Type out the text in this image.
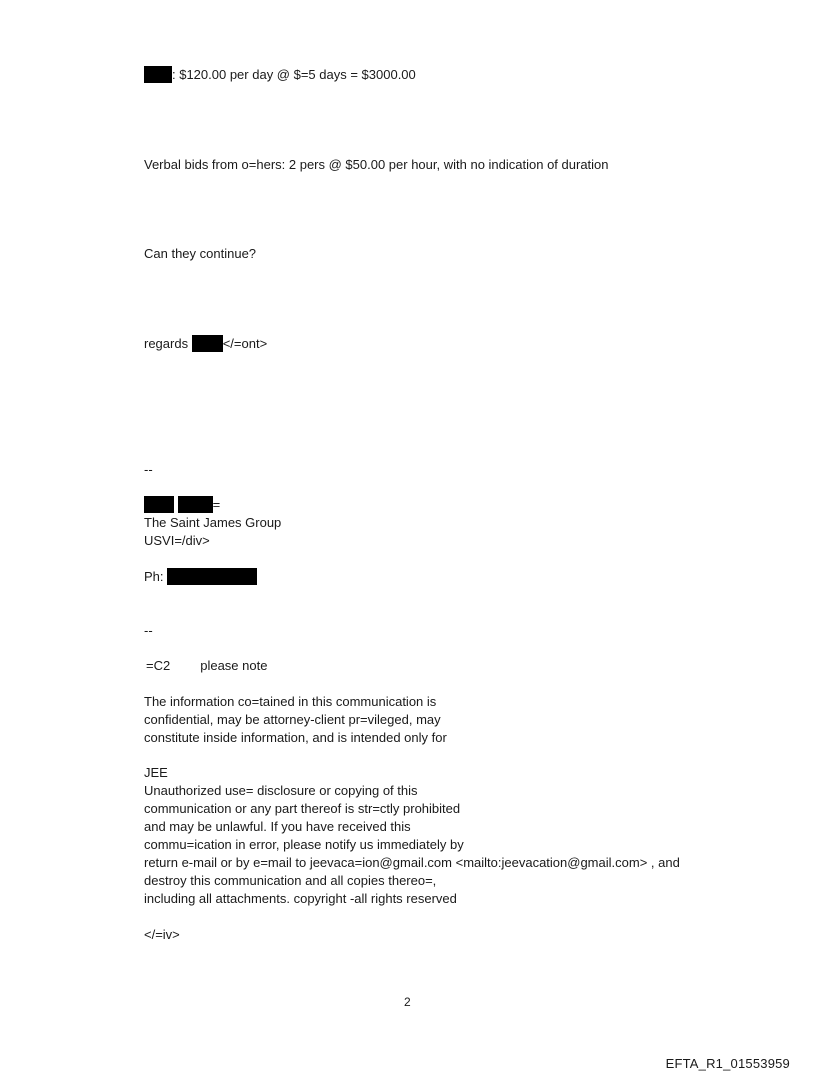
: $120.00 per day @ $=5 days = $3000.00
Verbal bids from o=hers: 2 pers @ $50.00 per hour, with no indication of duration
Can they continue?
regards	</=ont>
--
=
The Saint James Group
USVI=/div>
Ph:
--
=C2 please note
The information co=tained in this communication is
confidential, may be attorney-client pr=vileged, may
constitute inside information, and is intended only for
JEE
Unauthorized use= disclosure or copying of this
communication or any part thereof is str=ctly prohibited
and may be unlawful. If you have received this
commu=ication in error, please notify us immediately by
return e-mail or by e=mail to jeevaca=ion@gmail.com <mailto:jeevacation@gmail.com> , and
destroy this communication and all copies thereo=,
including all attachments. copyright -all rights reserved
</=iv>
2
EFTA_R1_01553959
